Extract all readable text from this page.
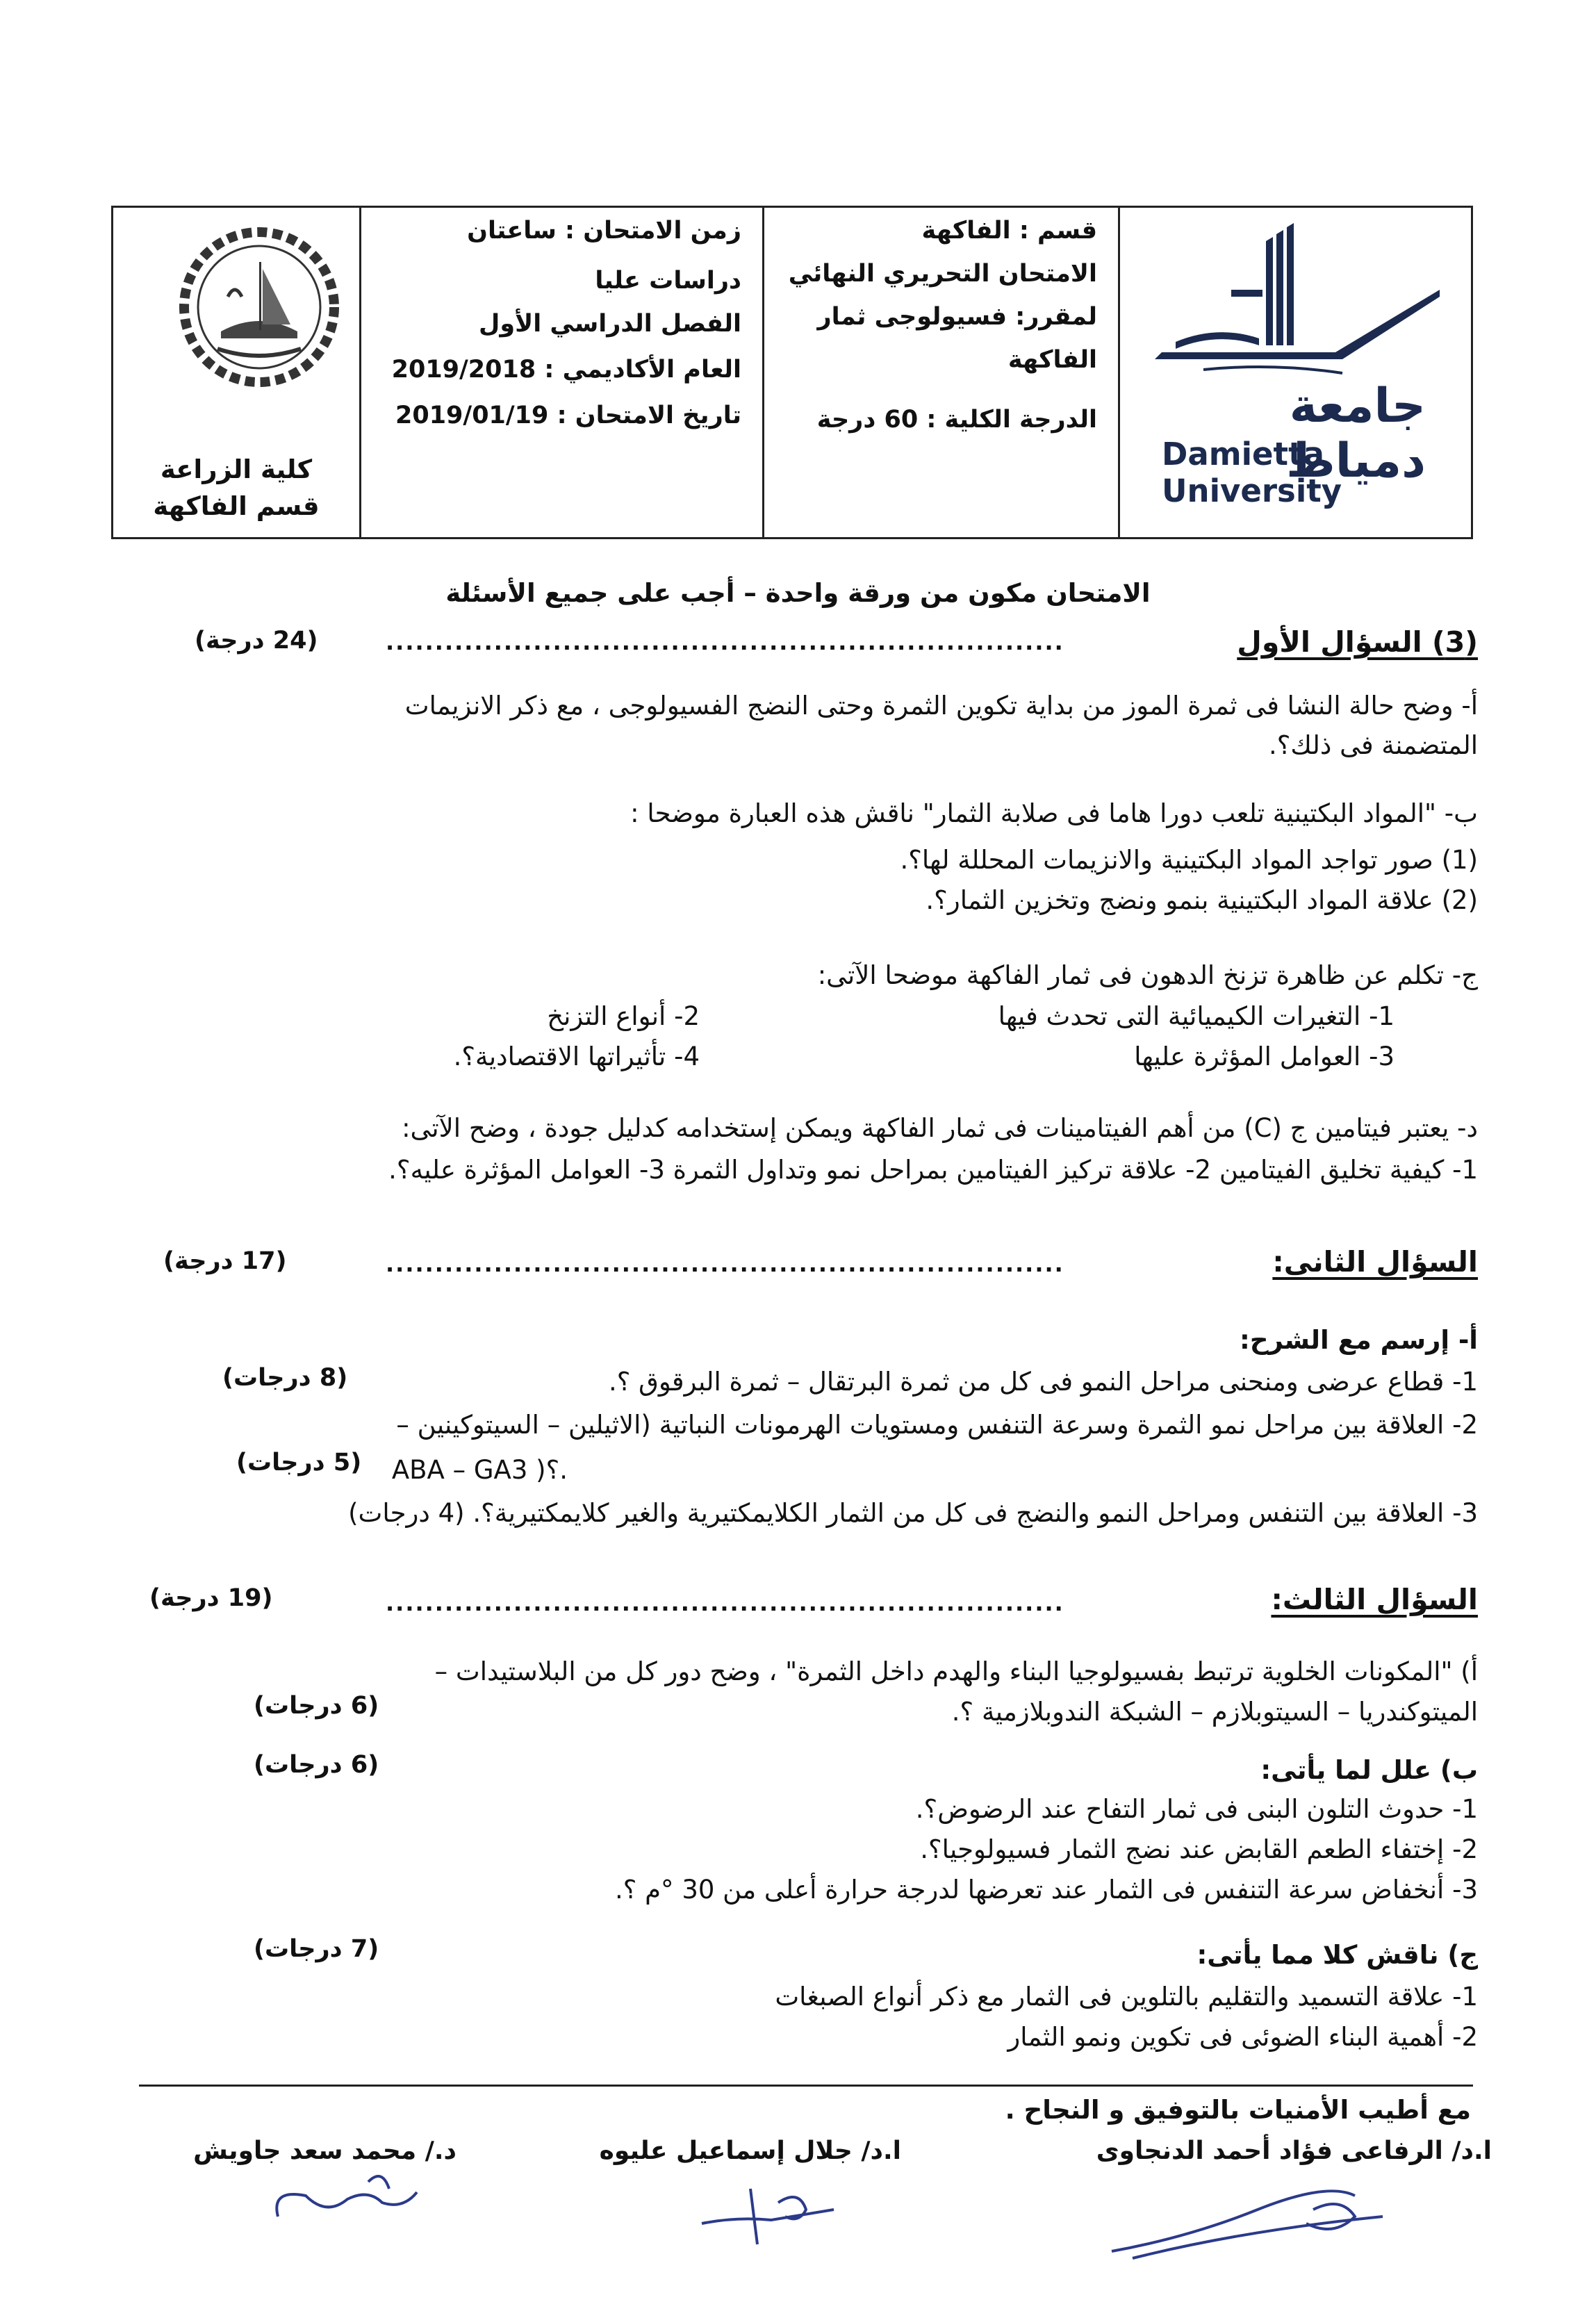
جامعة دمياط
Damietta University
قسم : الفاكهة
الامتحان التحريري النهائي
لمقرر: فسيولوجى ثمار
الفاكهة
الدرجة الكلية : 60 درجة
زمن الامتحان : ساعتان
دراسات عليا
الفصل الدراسي الأول
العام الأكاديمي : 2019/2018
تاريخ الامتحان : 2019/01/19
كلية الزراعة
قسم الفاكهة
الامتحان مكون من ورقة واحدة – أجب على جميع الأسئلة
(3) السؤال الأول
.....................................................................
(24 درجة)
أ- وضح حالة النشا فى ثمرة الموز من بداية تكوين الثمرة وحتى النضج الفسيولوجى ، مع ذكر الانزيمات
المتضمنة فى ذلك؟.
ب- "المواد البكتينية تلعب دورا هاما فى صلابة الثمار" ناقش هذه العبارة موضحا :
(1) صور تواجد المواد البكتينية والانزيمات المحللة لها؟.
(2) علاقة المواد البكتينية بنمو ونضج وتخزين الثمار؟.
ج- تكلم عن ظاهرة تزنخ الدهون فى ثمار الفاكهة موضحا الآتى:
1- التغيرات الكيميائية التى تحدث فيها
2- أنواع التزنخ
3- العوامل المؤثرة عليها
4- تأثيراتها الاقتصادية؟.
د- يعتبر فيتامين ج (C) من أهم الفيتامينات فى ثمار الفاكهة ويمكن إستخدامه كدليل جودة ، وضح الآتى:
1- كيفية تخليق الفيتامين 2- علاقة تركيز الفيتامين بمراحل نمو وتداول الثمرة 3- العوامل المؤثرة عليه؟.
السؤال الثانى:
.....................................................................
(17 درجة)
أ- إرسم مع الشرح:
1- قطاع عرضى ومنحنى مراحل النمو فى كل من ثمرة البرتقال – ثمرة البرقوق ؟.
(8 درجات)
2- العلاقة بين مراحل نمو الثمرة وسرعة التنفس ومستويات الهرمونات النباتية (الاثيلين – السيتوكينين –
ABA – GA3 )؟.
(5 درجات)
3- العلاقة بين التنفس ومراحل النمو والنضج فى كل من الثمار الكلايمكتيرية والغير كلايمكتيرية؟. (4 درجات)
السؤال الثالث:
.....................................................................
(19 درجة)
أ) "المكونات الخلوية ترتبط بفسيولوجيا البناء والهدم داخل الثمرة" ، وضح دور كل من البلاستيدات –
الميتوكندريا – السيتوبلازم – الشبكة الندوبلازمية ؟.
(6 درجات)
ب) علل لما يأتى:
(6 درجات)
1- حدوث التلون البنى فى ثمار التفاح عند الرضوض؟.
2- إختفاء الطعم القابض عند نضج الثمار فسيولوجيا؟.
3- أنخفاض سرعة التنفس فى الثمار عند تعرضها لدرجة حرارة أعلى من 30 °م ؟.
ج) ناقش كلا مما يأتى:
(7 درجات)
1- علاقة التسميد والتقليم بالتلوين فى الثمار مع ذكر أنواع الصبغات
2- أهمية البناء الضوئى فى تكوين ونمو الثمار
مع أطيب الأمنيات بالتوفيق و النجاح .
ا.د/ الرفاعى فؤاد أحمد الدنجاوى
ا.د/ جلال إسماعيل عليوه
د./ محمد سعد جاويش
